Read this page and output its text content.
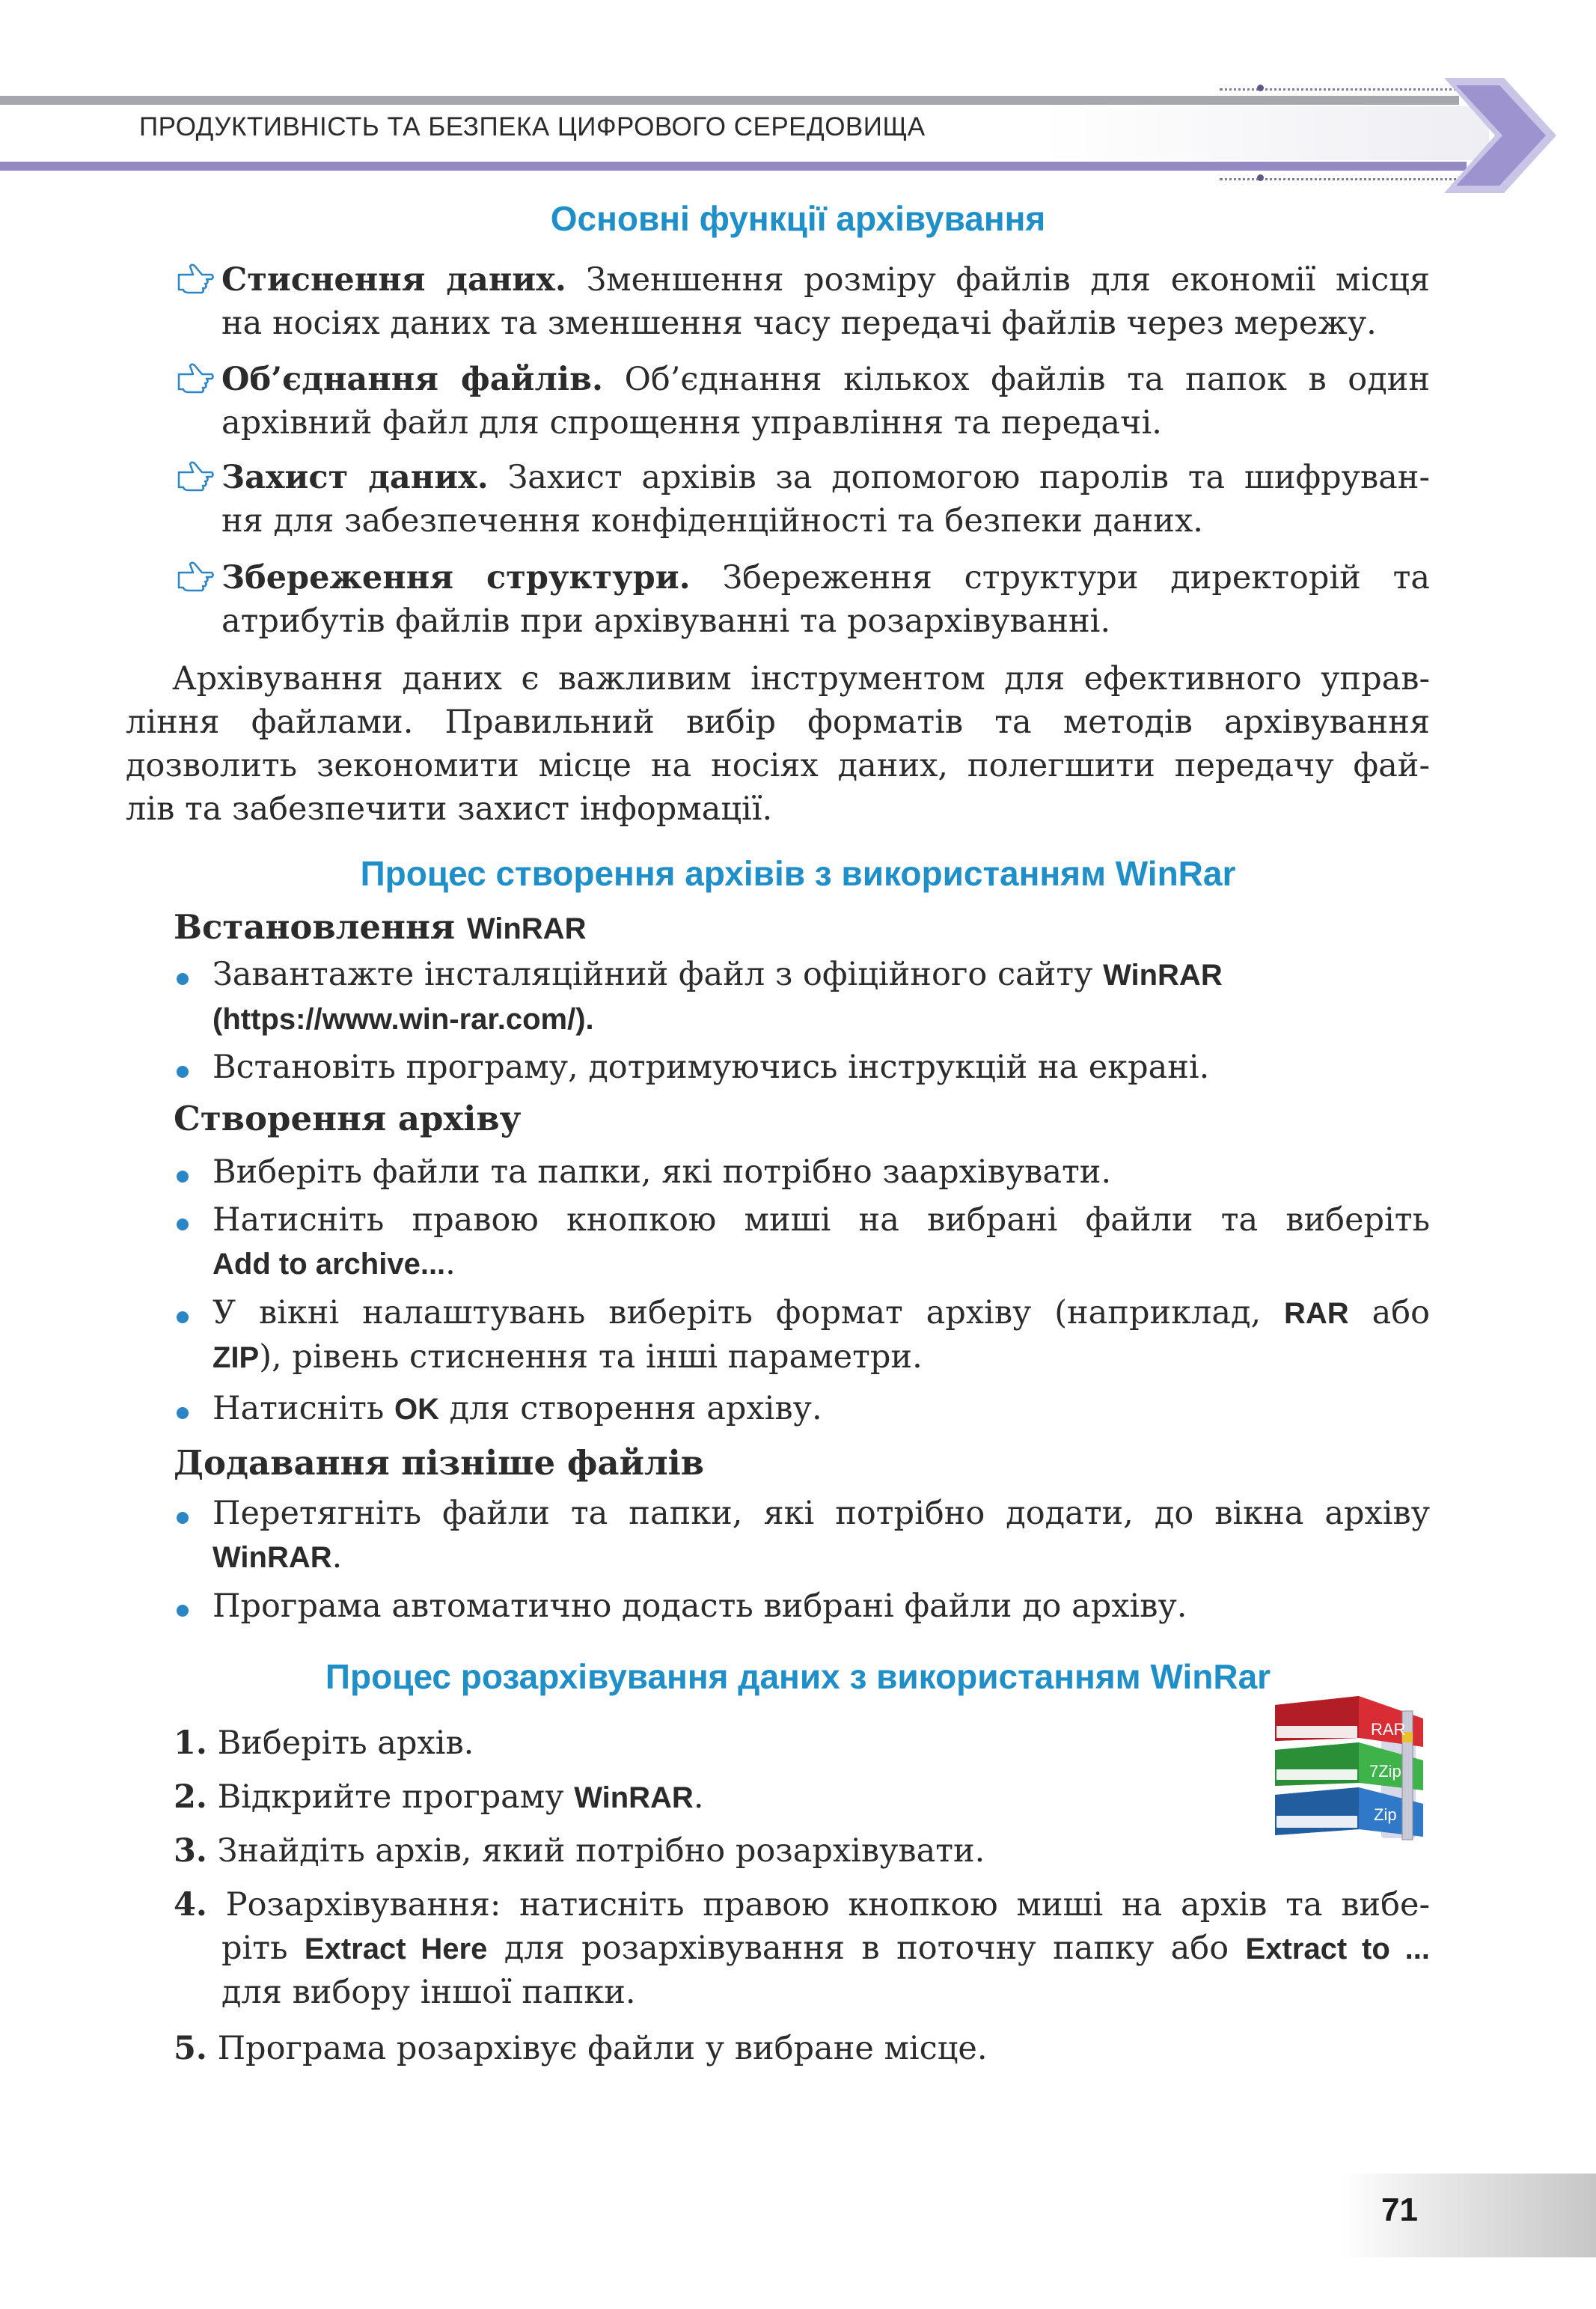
ПРОДУКТИВНІСТЬ ТА БЕЗПЕКА ЦИФРОВОГО СЕРЕДОВИЩА
Основні функції архівування
Стиснення даних. Зменшення розміру файлів для економії місця
на носіях даних та зменшення часу передачі файлів через мережу.
Об’єднання файлів. Об’єднання кількох файлів та папок в один
архівний файл для спрощення управління та передачі.
Захист даних. Захист архівів за допомогою паролів та шифруван-
ня для забезпечення конфіденційності та безпеки даних.
Збереження структури. Збереження структури директорій та
атрибутів файлів при архівуванні та розархівуванні.
Архівування даних є важливим інструментом для ефективного управ-
ління файлами. Правильний вибір форматів та методів архівування
дозволить зекономити місце на носіях даних, полегшити передачу фай-
лів та забезпечити захист інформації.
Процес створення архівів з використанням WinRar
Встановлення WinRAR
Завантажте інсталяційний файл з офіційного сайту WinRAR
(https://www.win-rar.com/).
Встановіть програму, дотримуючись інструкцій на екрані.
Створення архіву
Виберіть файли та папки, які потрібно заархівувати.
Натисніть правою кнопкою миші на вибрані файли та виберіть
Add to archive....
У вікні налаштувань виберіть формат архіву (наприклад, RAR або
ZIP), рівень стиснення та інші параметри.
Натисніть OK для створення архіву.
Додавання пізніше файлів
Перетягніть файли та папки, які потрібно додати, до вікна архіву
WinRAR.
Програма автоматично додасть вибрані файли до архіву.
Процес розархівування даних з використанням WinRar
1. Виберіть архів.
2. Відкрийте програму WinRAR.
3. Знайдіть архів, який потрібно розархівувати.
4. Розархівування: натисніть правою кнопкою миші на архів та вибе-
ріть Extract Here для розархівування в поточну папку або Extract to ...
для вибору іншої папки.
5. Програма розархівує файли у вибране місце.
RAR
7Zip
Zip
71
